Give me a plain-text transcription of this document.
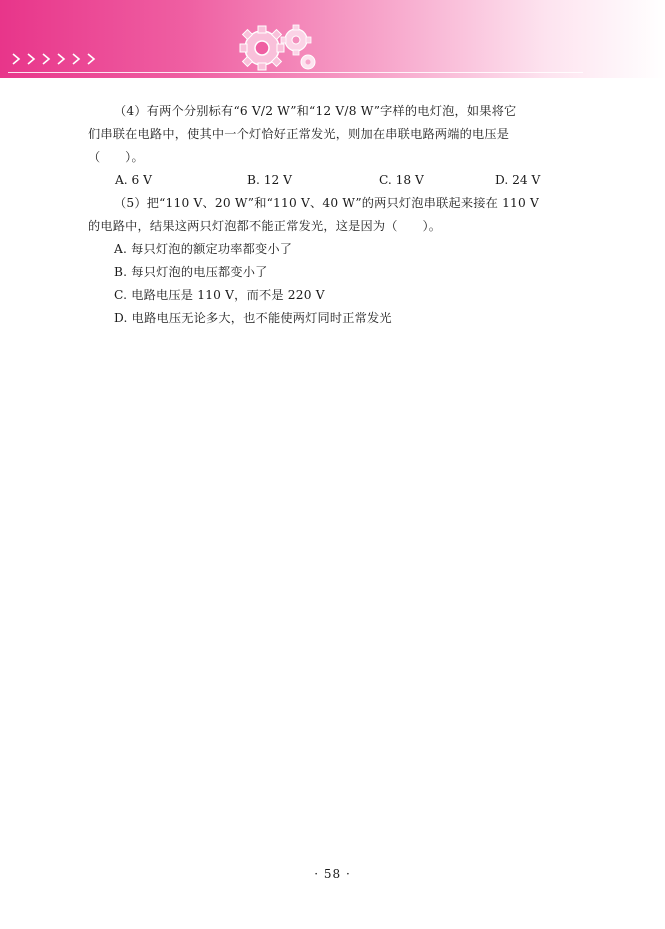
（4）有两个分别标有“6 V/2 W”和“12 V/8 W”字样的电灯泡，如果将它
们串联在电路中，使其中一个灯恰好正常发光，则加在串联电路两端的电压是
（　　）。
A. 6 V	B. 12 V	C. 18 V	D. 24 V
（5）把“110 V、20 W”和“110 V、40 W”的两只灯泡串联起来接在 110 V
的电路中，结果这两只灯泡都不能正常发光，这是因为（　　）。
A. 每只灯泡的额定功率都变小了
B. 每只灯泡的电压都变小了
C. 电路电压是 110 V，而不是 220 V
D. 电路电压无论多大，也不能使两灯同时正常发光
· 58 ·
